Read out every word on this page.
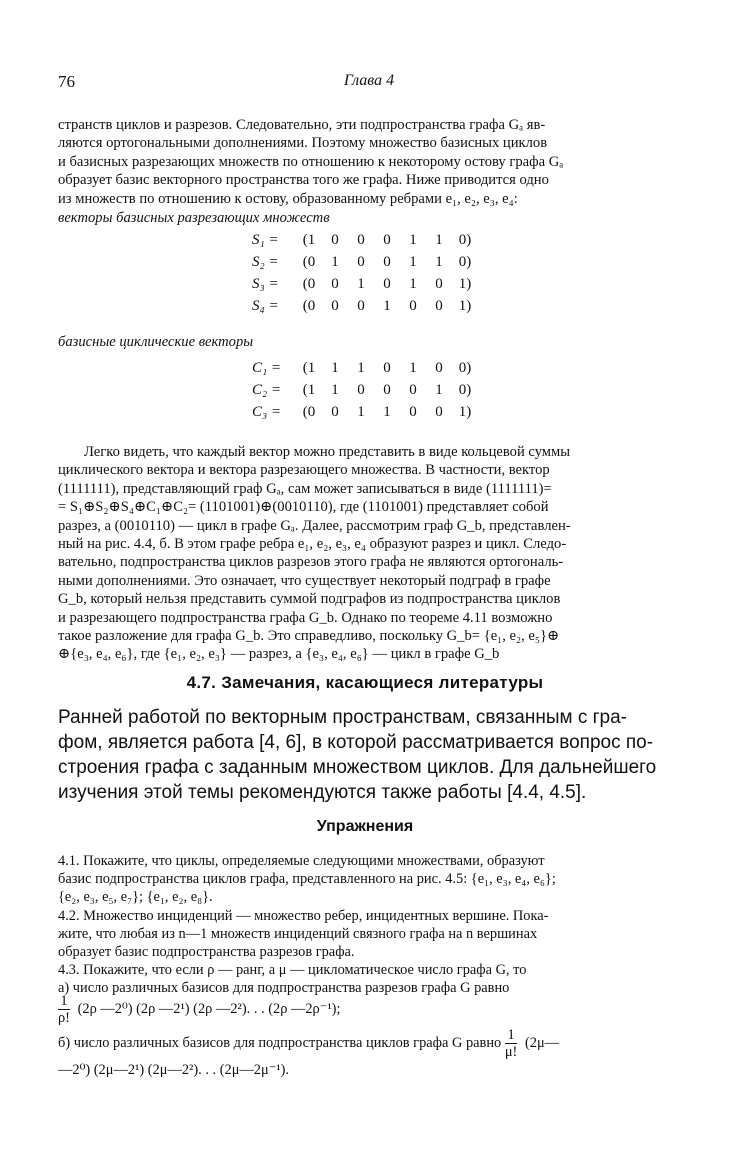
76	Глава 4
странств циклов и разрезов. Следовательно, эти подпространства графа Gₐ яв-
ляются ортогональными дополнениями. Поэтому множество базисных циклов
и базисных разрезающих множеств по отношению к некоторому остову графа Gₐ
образует базис векторного пространства того же графа. Ниже приводится одно
из множеств по отношению к остову, образованному ребрами e₁, e₂, e₃, e₄:
векторы базисных разрезающих множеств
S₁ = (1 0 0 0 1 1 0)
S₂ = (0 1 0 0 1 1 0)
S₃ = (0 0 1 0 1 0 1)
S₄ = (0 0 0 1 0 0 1)
базисные циклические векторы
C₁ = (1 1 1 0 1 0 0)
C₂ = (1 1 0 0 0 1 0)
C₃ = (0 0 1 1 0 0 1)
Легко видеть, что каждый вектор можно представить в виде кольцевой суммы
циклического вектора и вектора разрезающего множества. В частности, вектор
(1111111), представляющий граф Gₐ, сам может записываться в виде (1111111)=
= S₁⊕S₂⊕S₄⊕C₁⊕C₂= (1101001)⊕(0010110), где (1101001) представляет собой
разрез, а (0010110) — цикл в графе Gₐ. Далее, рассмотрим граф G_b, представлен-
ный на рис. 4.4, б. В этом графе ребра e₁, e₂, e₃, e₄ образуют разрез и цикл. Следо-
вательно, подпространства циклов разрезов этого графа не являются ортогональ-
ными дополнениями. Это означает, что существует некоторый подграф в графе
G_b, который нельзя представить суммой подграфов из подпространства циклов
и разрезающего подпространства графа G_b. Однако по теореме 4.11 возможно
такое разложение для графа G_b. Это справедливо, поскольку G_b= {e₁, e₂, e₅}⊕
⊕{e₃, e₄, e₆}, где {e₁, e₂, e₃} — разрез, а {e₃, e₄, e₆} — цикл в графе G_b
4.7. Замечания, касающиеся литературы
Ранней работой по векторным пространствам, связанным с гра-
фом, является работа [4, 6], в которой рассматривается вопрос по-
строения графа с заданным множеством циклов. Для дальнейшего
изучения этой темы рекомендуются также работы [4.4, 4.5].
Упражнения
4.1. Покажите, что циклы, определяемые следующими множествами, образуют
базис подпространства циклов графа, представленного на рис. 4.5: {e₁, e₃, e₄, e₆};
{e₂, e₃, e₅, e₇}; {e₁, e₂, e₈}.
4.2. Множество инциденций — множество ребер, инцидентных вершине. Пока-
жите, что любая из n—1 множеств инциденций связного графа на n вершинах
образует базис подпространства разрезов графа.
4.3. Покажите, что если ρ — ранг, а μ — цикломатическое число графа G, то
а) число различных базисов для подпространства разрезов графа G равно
$\frac{1}{\rho!} (2\rho$ —2⁰) (2ρ —2¹) (2ρ —2²). . . (2ρ —2ρ⁻¹);
б) число различных базисов для подпространства циклов графа G равно $\frac{1}{\mu!}$ (2μ—
—2⁰) (2μ—2¹) (2μ—2²). . . (2μ—2μ⁻¹).
